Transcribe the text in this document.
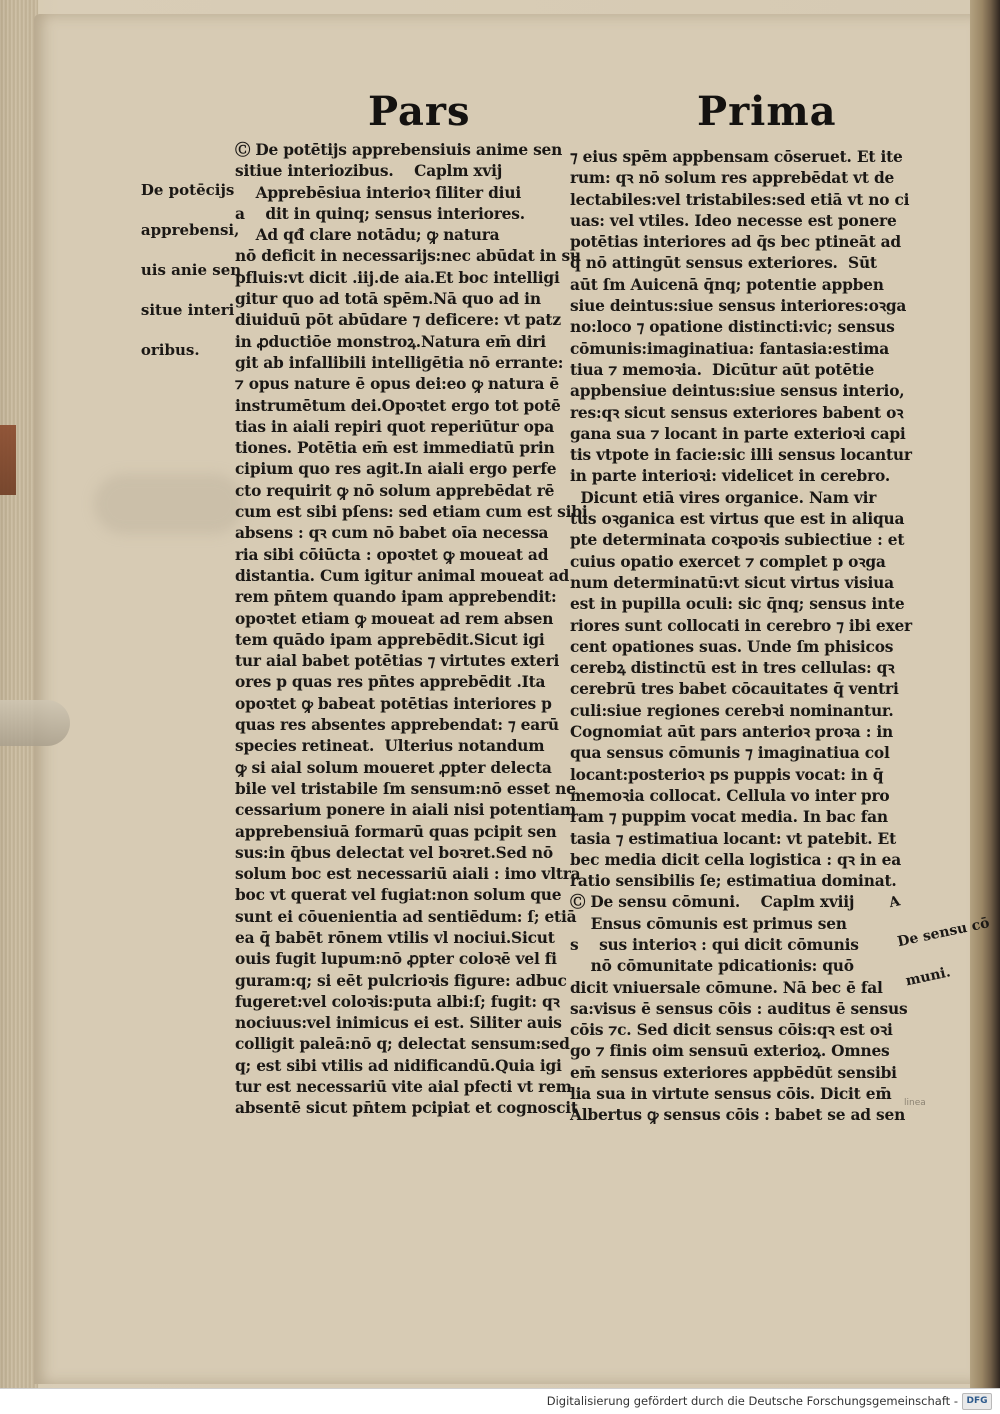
Pars	Prima

De potēcijs

apprebensi,

uis anie sen

situe interi

oribus.

A

De sensu cō

muni.

Ⓒ De potētijs apprebensiuis anime sen
sitiue interiozibus.    Caplm xvij
Apprebēsiua interioꝛ ſiliter diui
a    dit in quinq; sensus interiores.
Ad qđ clare notādu; ꝙ natura
nō deficit in necessarijs:nec abūdat in su
pfluis:vt dicit .iij.de aia.Et boc intelligi
gitur quo ad totā spēm.Nā quo ad in
diuiduū pōt abūdare ⁊ deficere: vt patz
in ꝓductiōe monstroꝝ.Natura em̄ diri
git ab infallibili intelligētia nō errante:
⁊ opus nature ē opus dei:eo ꝙ natura ē
instrumētum dei.Opoꝛtet ergo tot potē
tias in aiali repiri quot reperiūtur opa
tiones. Potētia em̄ est immediatū prin
cipium quo res agit.In aiali ergo perfe
cto requirit ꝙ nō solum apprebēdat rē
cum est sibi pſens: sed etiam cum est sibi
absens : qꝛ cum nō babet oīa necessa
ria sibi cōiūcta : opoꝛtet ꝙ moueat ad
distantia. Cum igitur animal moueat ad
rem pn̄tem quando ipam apprebendit:
opoꝛtet etiam ꝙ moueat ad rem absen
tem quādo ipam apprebēdit.Sicut igi
tur aial babet potētias ⁊ virtutes exteri
ores p quas res pn̄tes apprebēdit .Ita
opoꝛtet ꝙ babeat potētias interiores p
quas res absentes apprebendat: ⁊ earū
species retineat.  Ulterius notandum
ꝙ si aial solum moueret ꝓpter delecta
bile vel tristabile ſm sensum:nō esset ne
cessarium ponere in aiali nisi potentiam
apprebensiuā formarū quas pcipit sen
sus:in q̄bus delectat vel boꝛret.Sed nō
solum boc est necessariū aiali : imo vltra
boc vt querat vel fugiat:non solum que
sunt ei cōuenientia ad sentiēdum: ſ; etiā
ea q̄ babēt rōnem vtilis vl nociui.Sicut
ouis fugit lupum:nō ꝓpter coloꝛē vel fi
guram:q; si eēt pulcrioꝛis figure: adbuc
fugeret:vel coloꝛis:puta albi:ſ; fugit: qꝛ
nociuus:vel inimicus ei est. Siliter auis
colligit paleā:nō q; delectat sensum:sed
q; est sibi vtilis ad nidificandū.Quia igi
tur est necessariū vite aial pfecti vt rem
absentē sicut pn̄tem pcipiat et cognoscit
⁊ eius spēm appbensam cōseruet. Et ite
rum: qꝛ nō solum res apprebēdat vt de
lectabiles:vel tristabiles:sed etiā vt no ci
uas: vel vtiles. Ideo necesse est ponere
potētias interiores ad q̄s bec ptineāt ad
q̄ nō attingūt sensus exteriores.  Sūt
aūt ſm Auicenā q̄nq; potentie appben
siue deintus:siue sensus interiores:oꝛga
no:loco ⁊ opatione distincti:vic; sensus
cōmunis:imaginatiua: fantasia:estima
tiua ⁊ memoꝛia.  Dicūtur aūt potētie
appbensiue deintus:siue sensus interio,
res:qꝛ sicut sensus exteriores babent oꝛ
gana sua ⁊ locant in parte exterioꝛi capi
tis vtpote in facie:sic illi sensus locantur
in parte interioꝛi: videlicet in cerebro.
Dicunt etiā vires organice. Nam vir
tus oꝛganica est virtus que est in aliqua
pte determinata coꝛpoꝛis subiectiue : et
cuius opatio exercet ⁊ complet p oꝛga
num determinatū:vt sicut virtus visiua
est in pupilla oculi: sic q̄nq; sensus inte
riores sunt collocati in cerebro ⁊ ibi exer
cent opationes suas. Unde ſm phisicos
cerebꝝ distinctū est in tres cellulas: qꝛ
cerebrū tres babet cōcauitates q̄ ventri
culi:siue regiones cerebꝛi nominantur.
Cognomiat aūt pars anterioꝛ proꝛa : in
qua sensus cōmunis ⁊ imaginatiua col
locant:posterioꝛ ps puppis vocat: in q̄
memoꝛia collocat. Cellula vo inter pro
ram ⁊ puppim vocat media. In bac fan
tasia ⁊ estimatiua locant: vt patebit. Et
bec media dicit cella logistica : qꝛ in ea
ratio sensibilis ſe; estimatiua dominat.
Ⓒ De sensu cōmuni.    Caplm xviij
Ensus cōmunis est primus sen
s    sus interioꝛ : qui dicit cōmunis
nō cōmunitate pdicationis: quō
dicit vniuersale cōmune. Nā bec ē fal
sa:visus ē sensus cōis : auditus ē sensus
cōis ⁊c. Sed dicit sensus cōis:qꝛ est oꝛi
go ⁊ finis oim sensuū exterioꝝ. Omnes
em̄ sensus exteriores appbēdūt sensibi
lia sua in virtute sensus cōis. Dicit em̄
Albertus ꝙ sensus cōis : babet se ad sen
linea
Digitalisierung gefördert durch die Deutsche Forschungsgemeinschaft - DFG
